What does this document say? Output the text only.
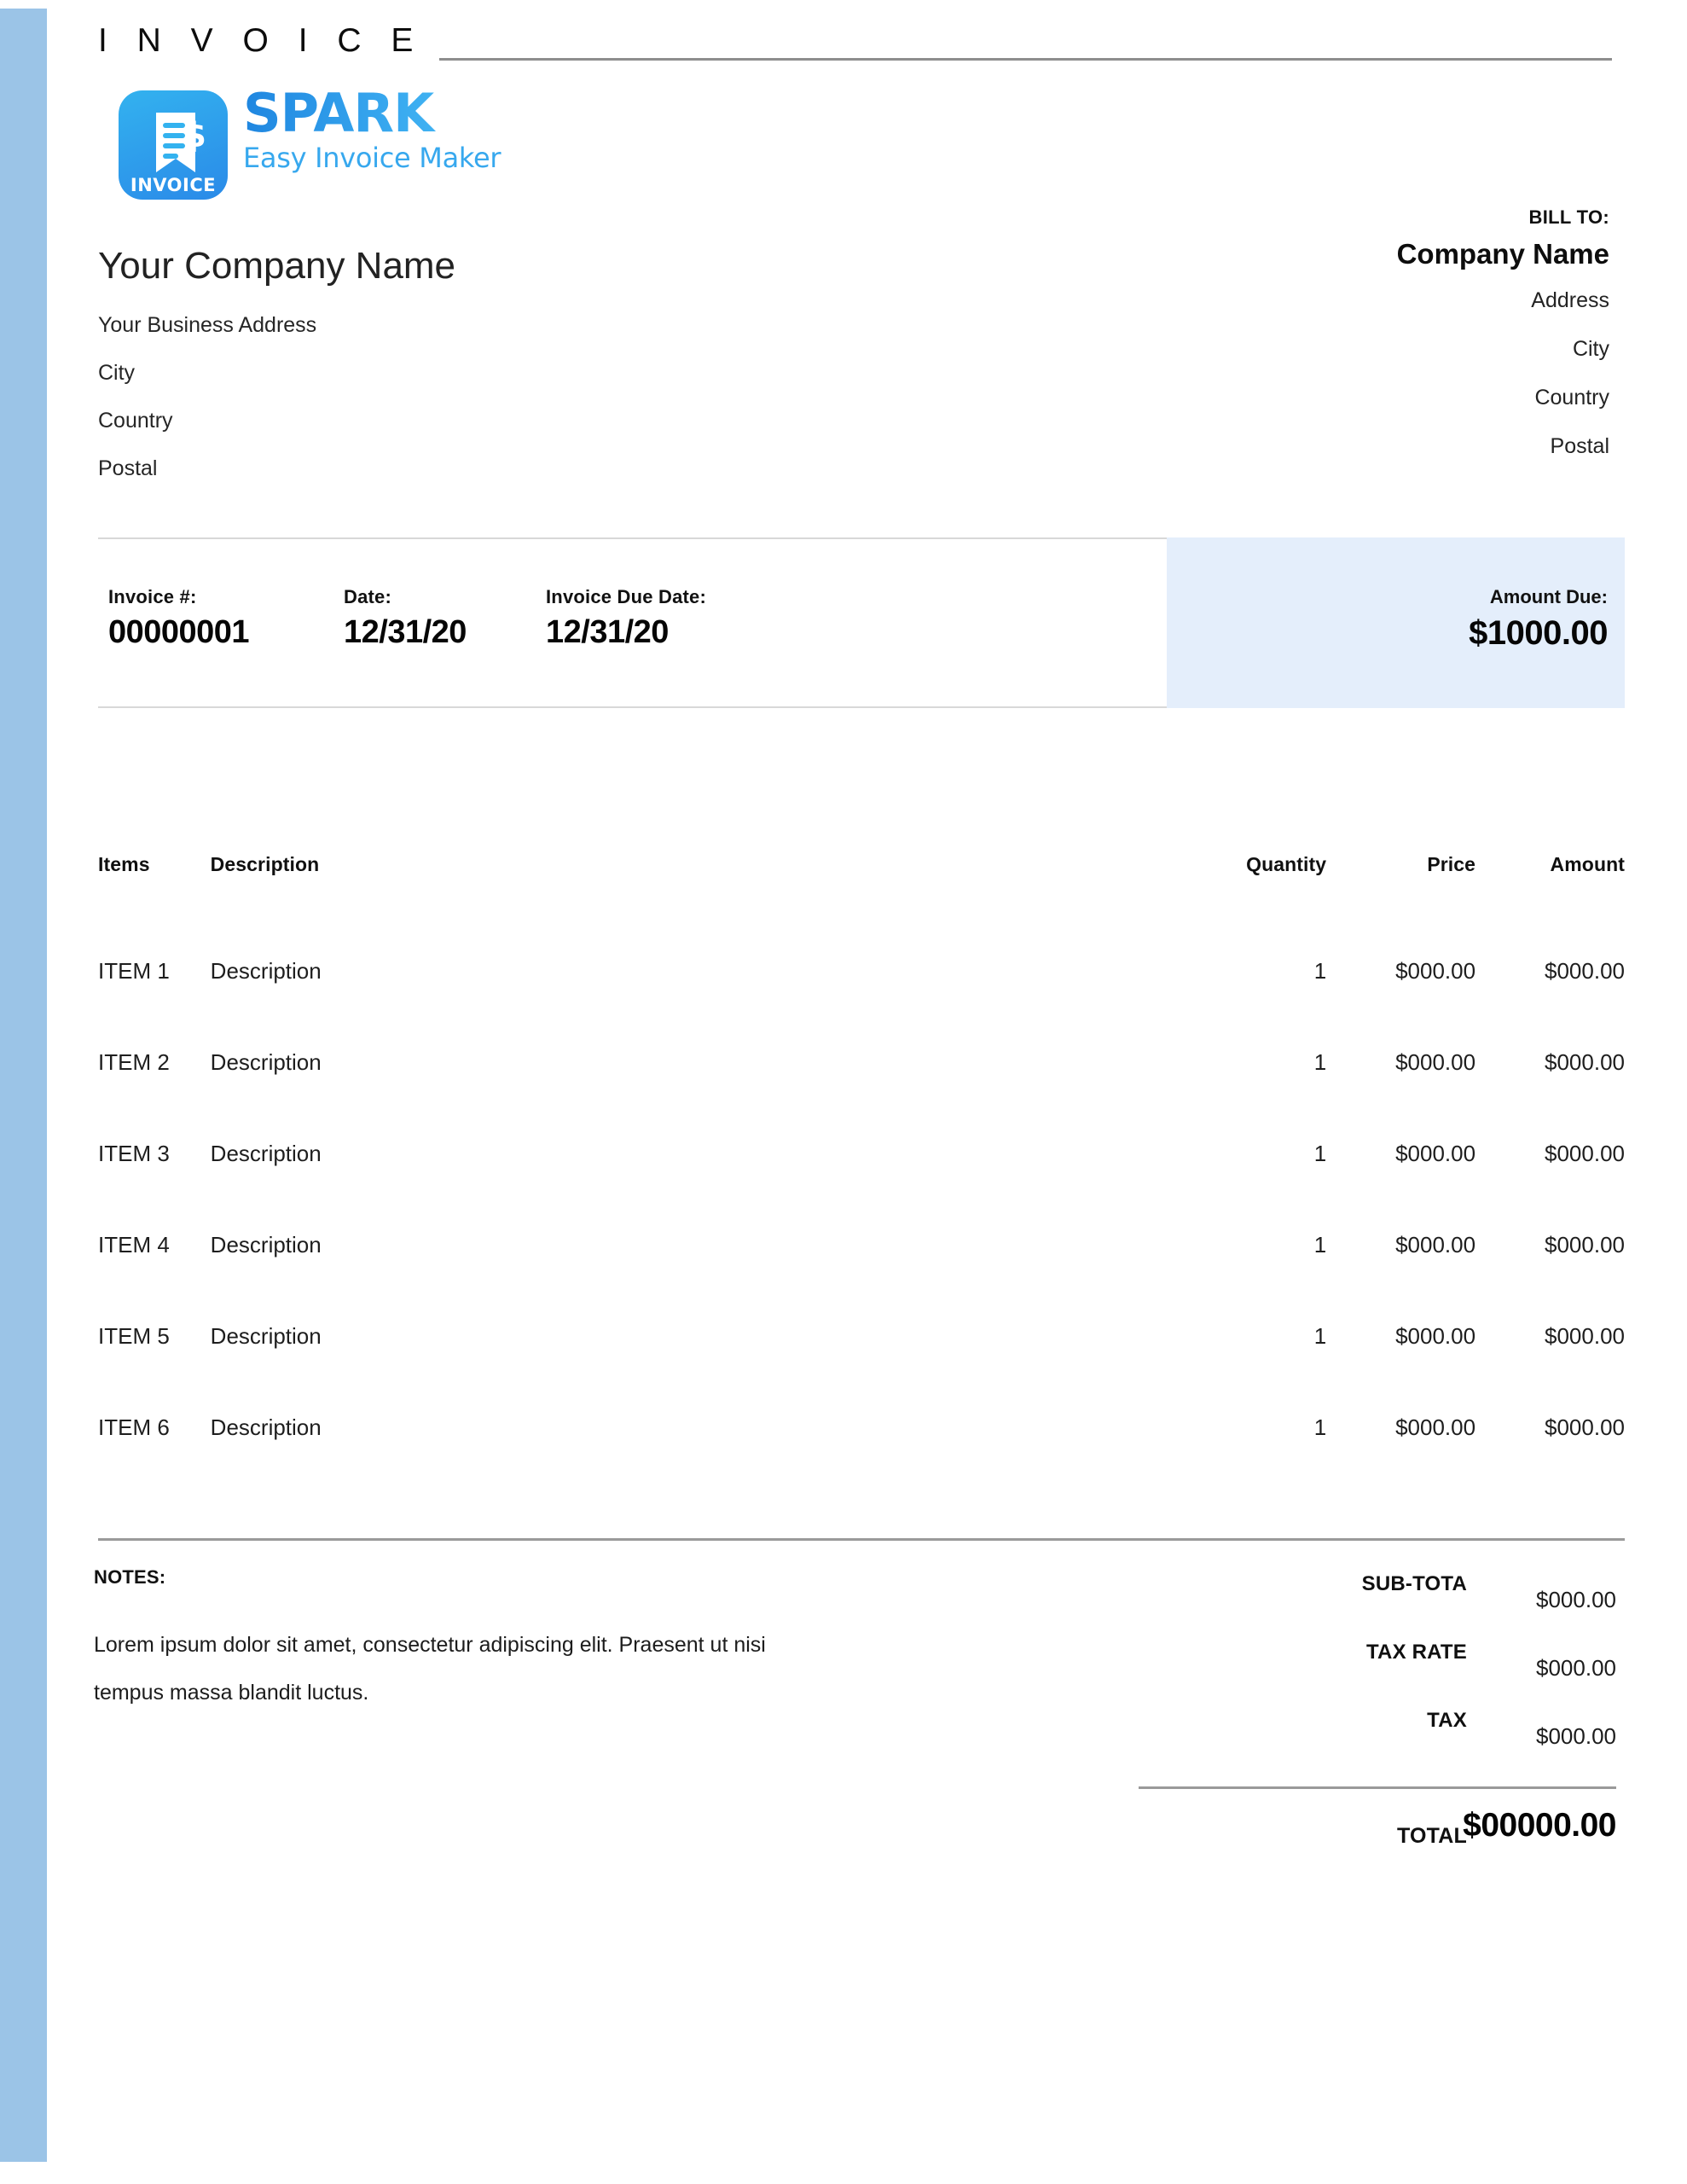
I N V O I C E
$
INVOICE
SPARK
Easy Invoice Maker
Your Company Name
Your Business Address
City
Country
Postal
BILL TO:
Company Name
Address
City
Country
Postal
Invoice #:
00000001
Date:
12/31/20
Invoice Due Date:
12/31/20
Amount Due:
$1000.00
Items	Description	Quantity	Price	Amount
ITEM 1	Description	1	$000.00	$000.00
ITEM 2	Description	1	$000.00	$000.00
ITEM 3	Description	1	$000.00	$000.00
ITEM 4	Description	1	$000.00	$000.00
ITEM 5	Description	1	$000.00	$000.00
ITEM 6	Description	1	$000.00	$000.00
NOTES:
Lorem ipsum dolor sit amet, consectetur adipiscing elit. Praesent ut nisi tempus massa blandit luctus.
SUB-TOTA
$000.00
TAX RATE
$000.00
TAX
$000.00
TOTAL
$00000.00
